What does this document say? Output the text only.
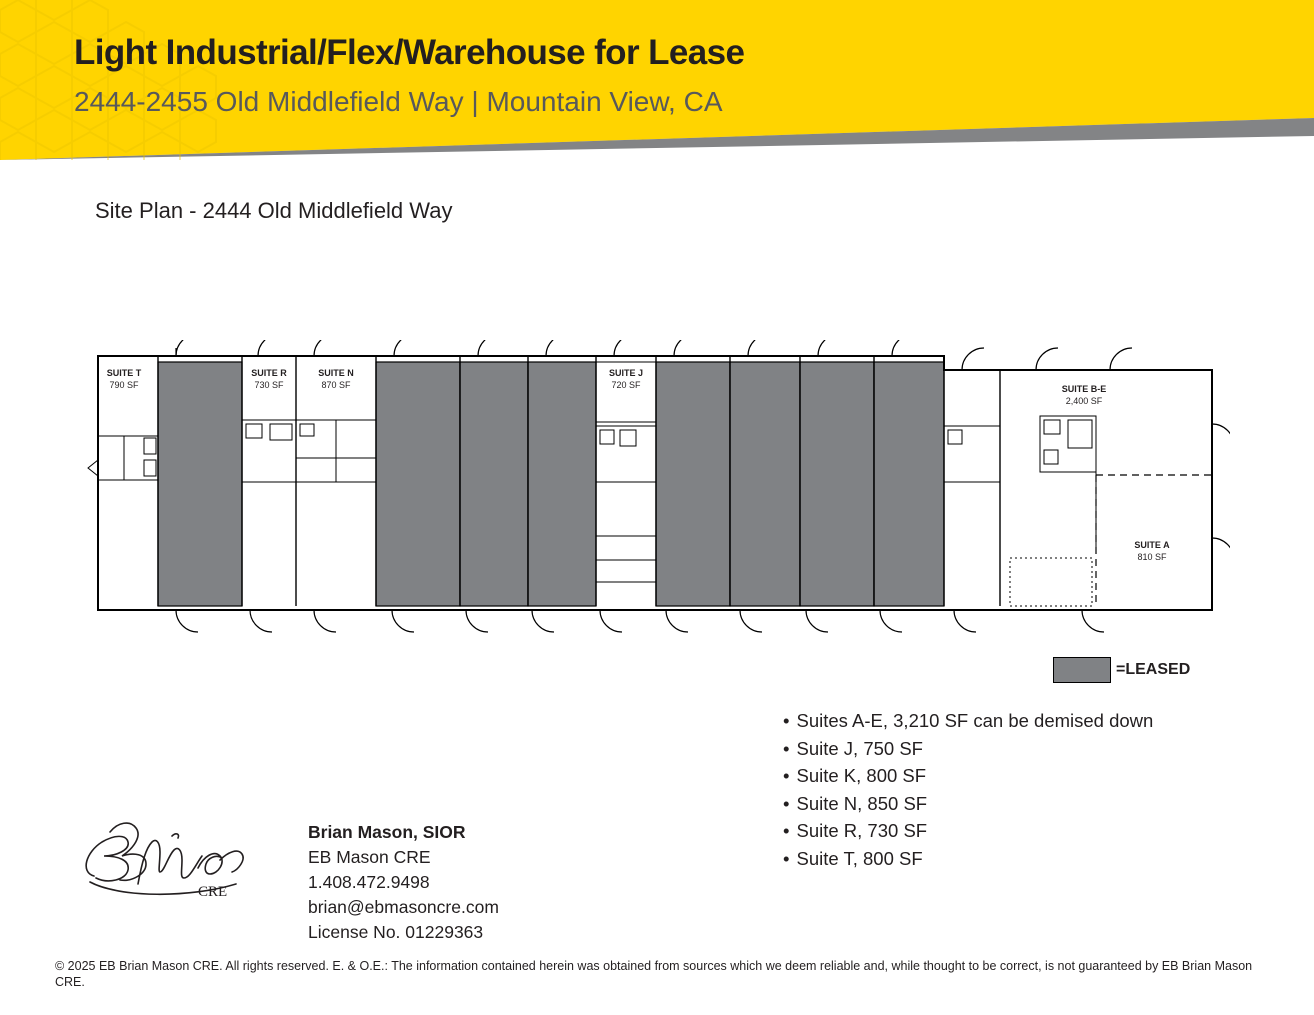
Light Industrial/Flex/Warehouse for Lease
2444-2455 Old Middlefield Way | Mountain View, CA
Site Plan - 2444 Old Middlefield Way
SUITE T
790 SF
SUITE R
730 SF
SUITE N
870 SF
SUITE J
720 SF	SUITE B-E
2,400 SF
SUITE A
810 SF
=LEASED
• Suites A-E, 3,210 SF can be demised down
• Suite J, 750 SF
• Suite K, 800 SF
• Suite N, 850 SF
• Suite R, 730 SF
• Suite T, 800 SF
CRE
Brian Mason, SIOR
EB Mason CRE
1.408.472.9498
brian@ebmasoncre.com
License No. 01229363
© 2025 EB Brian Mason CRE. All rights reserved. E. & O.E.: The information contained herein was obtained from sources which we deem reliable and, while thought to be correct, is not guaranteed by EB Brian Mason CRE.
